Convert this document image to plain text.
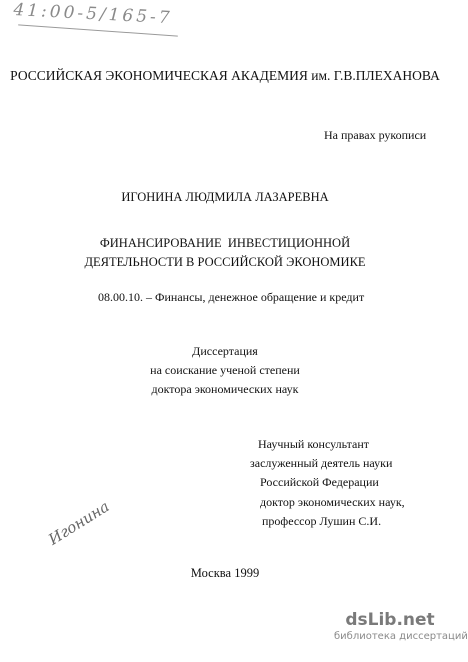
41:00-5/165-7
РОССИЙСКАЯ ЭКОНОМИЧЕСКАЯ АКАДЕМИЯ им. Г.В.ПЛЕХАНОВА
На правах рукописи
ИГОНИНА ЛЮДМИЛА ЛАЗАРЕВНА
ФИНАНСИРОВАНИЕ  ИНВЕСТИЦИОННОЙ
ДЕЯТЕЛЬНОСТИ В РОССИЙСКОЙ ЭКОНОМИКЕ
08.00.10. – Финансы, денежное обращение и кредит
Диссертация
на соискание ученой степени
доктора экономических наук
Научный консультант
заслуженный деятель науки
Российской Федерации
доктор экономических наук,
профессор Лушин С.И.
Игонина
Москва 1999
dsLib.net
библиотека диссертаций
